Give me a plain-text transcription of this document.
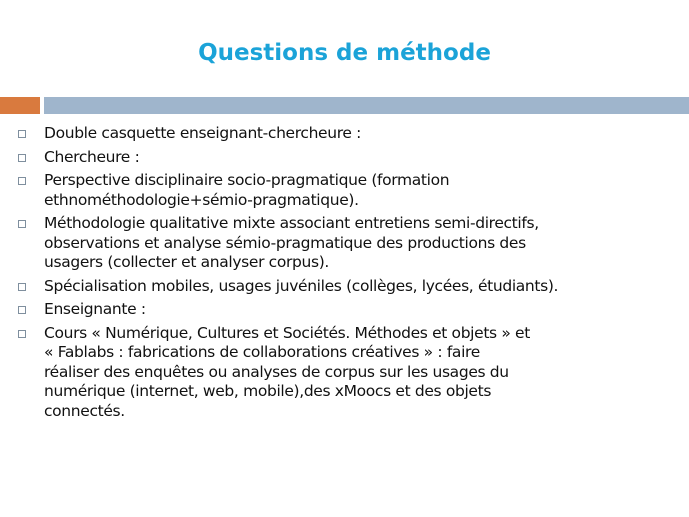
Questions de méthode
Double casquette enseignant-chercheure :
Chercheure :
Perspective disciplinaire socio-pragmatique (formation
ethnométhodologie+sémio-pragmatique).
Méthodologie qualitative mixte associant entretiens semi-directifs,
observations et analyse sémio-pragmatique des productions des
usagers (collecter et analyser corpus).
Spécialisation mobiles, usages juvéniles (collèges, lycées, étudiants).
Enseignante :
Cours « Numérique, Cultures et Sociétés. Méthodes et objets » et
« Fablabs : fabrications de collaborations créatives » : faire
réaliser des enquêtes ou analyses de corpus sur les usages du
numérique (internet, web, mobile),des xMoocs et des objets
connectés.
